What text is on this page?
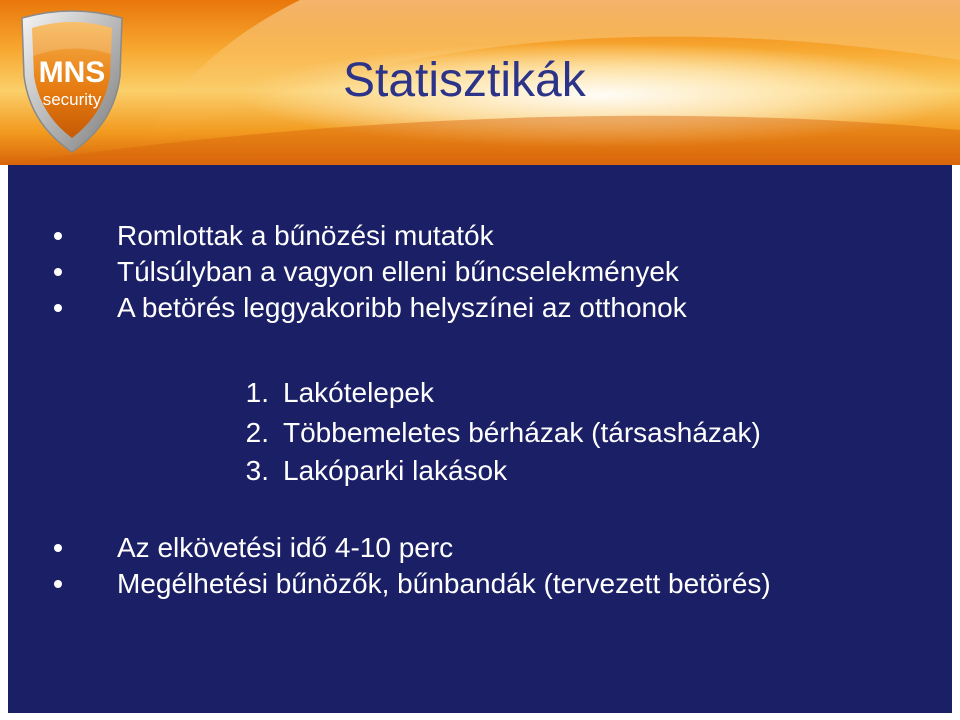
MNS
security	Statisztikák
Romlottak a bűnözési mutatók
Túlsúlyban a vagyon elleni bűncselekmények
A betörés leggyakoribb helyszínei az otthonok
1. Lakótelepek
2. Többemeletes bérházak (társasházak)
3. Lakóparki lakások
Az elkövetési idő 4-10 perc
Megélhetési bűnözők, bűnbandák (tervezett betörés)
